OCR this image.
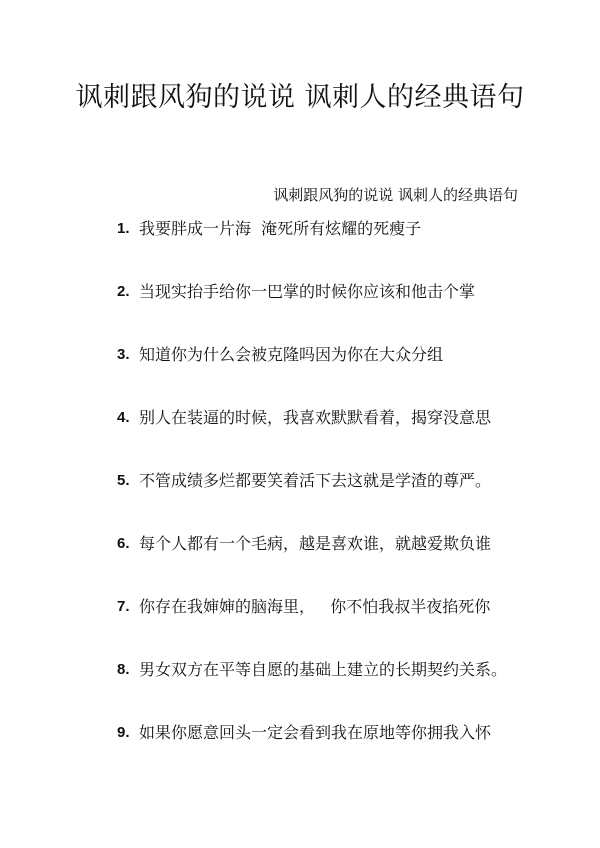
讽刺跟风狗的说说 讽刺人的经典语句

讽刺跟风狗的说说 讽刺人的经典语句

1. 我要胖成一片海  淹死所有炫耀的死瘦子
2. 当现实抬手给你一巴掌的时候你应该和他击个掌
3. 知道你为什么会被克隆吗因为你在大众分组
4. 别人在装逼的时候，我喜欢默默看着，揭穿没意思
5. 不管成绩多烂都要笑着活下去这就是学渣的尊严。
6. 每个人都有一个毛病，越是喜欢谁，就越爱欺负谁
7. 你存在我婶婶的脑海里，   你不怕我叔半夜掐死你
8. 男女双方在平等自愿的基础上建立的长期契约关系。
9. 如果你愿意回头一定会看到我在原地等你拥我入怀
